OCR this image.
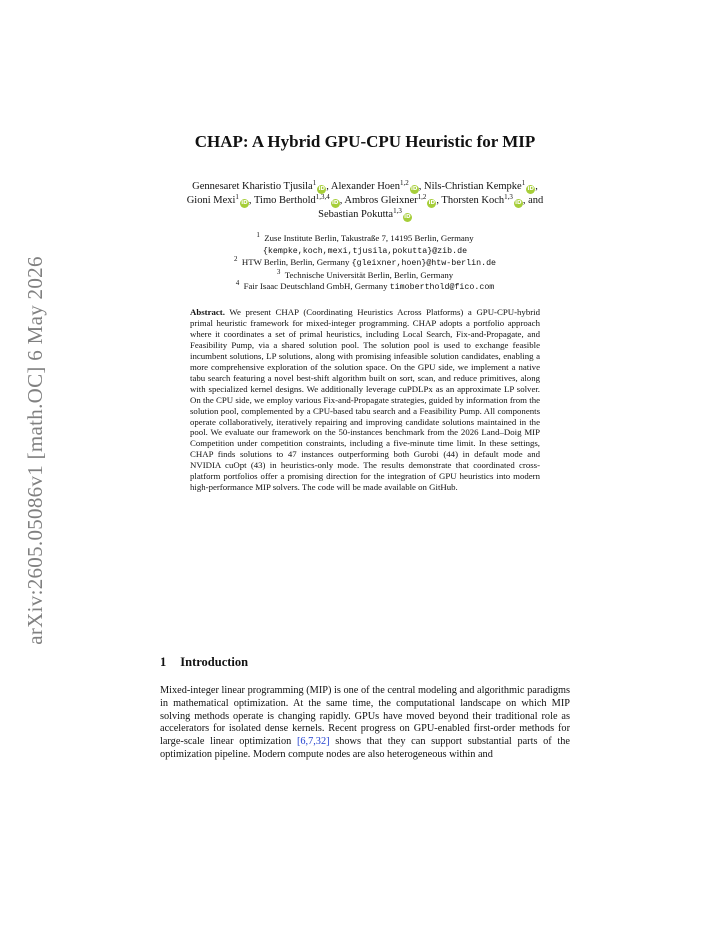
arXiv:2605.05086v1 [math.OC] 6 May 2026
CHAP: A Hybrid GPU-CPU Heuristic for MIP
Gennesaret Kharistio Tjusila$^1$iD, Alexander Hoen$^{1,2}$iD, Nils-Christian Kempke$^1$iD, Gioni Mexi$^1$iD, Timo Berthold$^{1,3,4}$iD, Ambros Gleixner$^{1,2}$iD, Thorsten Koch$^{1,3}$iD, and Sebastian Pokutta$^{1,3}$iD
$^1$  Zuse Institute Berlin, Takustraße 7, 14195 Berlin, Germany
{kempke,koch,mexi,tjusila,pokutta}@zib.de
$^2$  HTW Berlin, Berlin, Germany {gleixner,hoen}@htw-berlin.de
$^3$  Technische Universität Berlin, Berlin, Germany
$^4$  Fair Isaac Deutschland GmbH, Germany timoberthold@fico.com

Abstract. We present CHAP (Coordinating Heuristics Across Platforms) a GPU-CPU-hybrid primal heuristic framework for mixed-integer programming. CHAP adopts a portfolio approach where it coordinates a set of primal heuristics, including Local Search, Fix-and-Propagate, and Feasibility Pump, via a shared solution pool. The solution pool is used to exchange feasible incumbent solutions, LP solutions, along with promising infeasible solution candidates, enabling a more comprehensive exploration of the solution space. On the GPU side, we implement a native tabu search featuring a novel best-shift algorithm built on sort, scan, and reduce primitives, along with specialized kernel designs. We additionally leverage cuPDLPx as an approximate LP solver. On the CPU side, we employ various Fix-and-Propagate strategies, guided by information from the solution pool, complemented by a CPU-based tabu search and a Feasibility Pump. All components operate collaboratively, iteratively repairing and improving candidate solutions maintained in the pool. We evaluate our framework on the 50-instances benchmark from the 2026 Land–Doig MIP Competition under competition constraints, including a five-minute time limit. In these settings, CHAP finds solutions to 47 instances outperforming both Gurobi (44) in default mode and NVIDIA cuOpt (43) in heuristics-only mode. The results demonstrate that coordinated cross-platform portfolios offer a promising direction for the integration of GPU heuristics into modern high-performance MIP solvers. The code will be made available on GitHub.

1 Introduction

Mixed-integer linear programming (MIP) is one of the central modeling and algorithmic paradigms in mathematical optimization. At the same time, the computational landscape on which MIP solving methods operate is changing rapidly. GPUs have moved beyond their traditional role as accelerators for isolated dense kernels. Recent progress on GPU-enabled first-order methods for large-scale linear optimization [6,7,32] shows that they can support substantial parts of the optimization pipeline. Modern compute nodes are also heterogeneous within and
